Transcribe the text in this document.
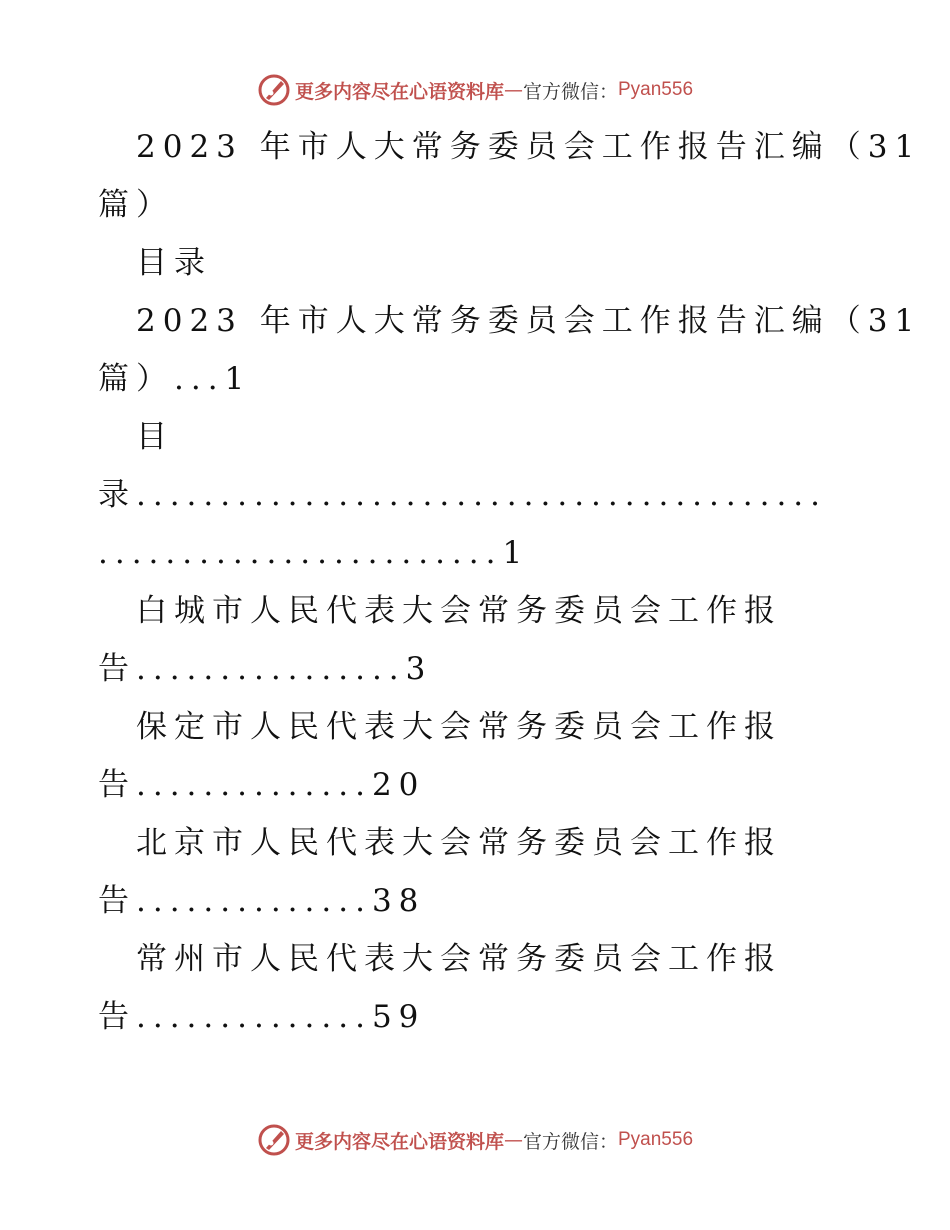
更多内容尽在心语资料库 — 官方微信： Pyan556
2023 年市人大常务委员会工作报告汇编（31
篇）
目录
2023 年市人大常务委员会工作报告汇编（31
篇）...1
目
录.........................................
........................1
白城市人民代表大会常务委员会工作报
告................3
保定市人民代表大会常务委员会工作报
告..............20
北京市人民代表大会常务委员会工作报
告..............38
常州市人民代表大会常务委员会工作报
告..............59
更多内容尽在心语资料库 — 官方微信： Pyan556
